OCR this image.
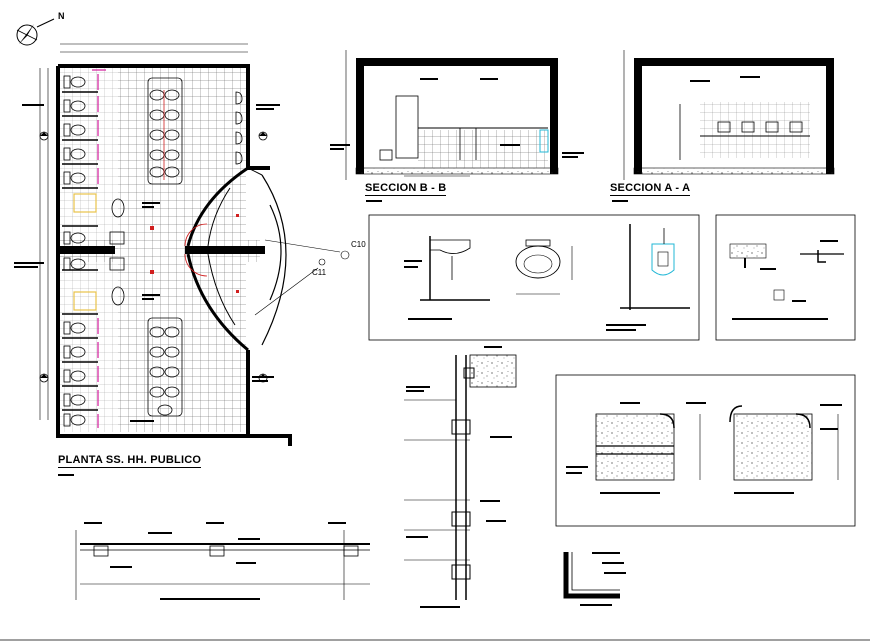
N
PLANTA SS. HH. PUBLICO
SECCION B - B	SECCION A - A
C10
C11
